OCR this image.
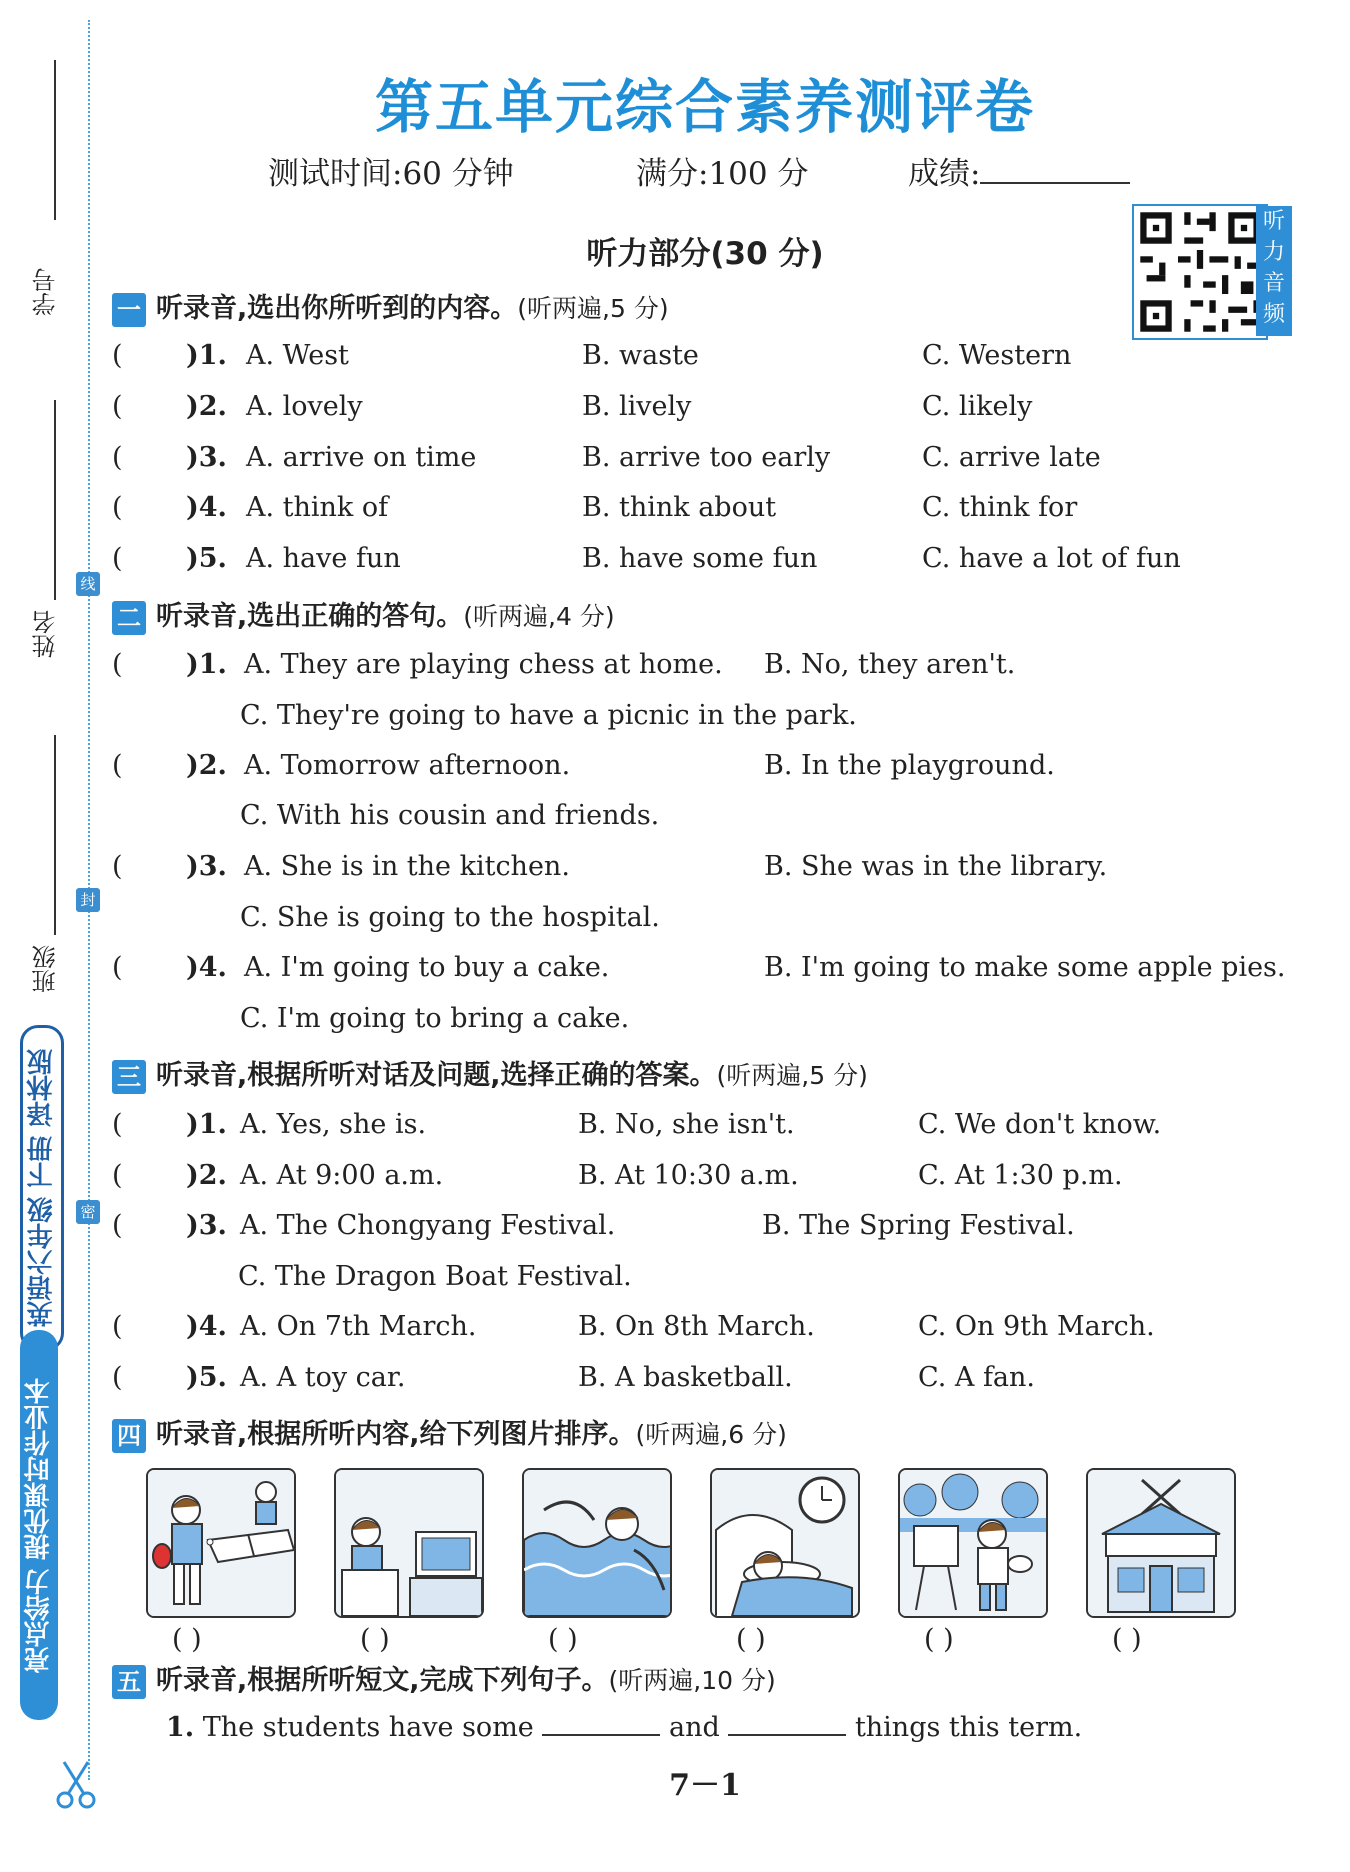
学号
姓名
班级
线
封
密
英语六年级 下册 译林版
亮点给力 提优课时作业本
第五单元综合素养测评卷
测试时间:60 分钟	满分:100 分	成绩:
听力部分(30 分)
听
力
音
频
一 听录音,选出你所听到的内容。(听两遍,5 分)
( )1. A. West	B. waste	C. Western
( )2. A. lovely	B. lively	C. likely
( )3. A. arrive on time	B. arrive too early	C. arrive late
( )4. A. think of	B. think about	C. think for
( )5. A. have fun	B. have some fun	C. have a lot of fun
二 听录音,选出正确的答句。(听两遍,4 分)
( )1. A. They are playing chess at home. B. No, they aren't.
C. They're going to have a picnic in the park.
( )2. A. Tomorrow afternoon.	B. In the playground.
C. With his cousin and friends.
( )3. A. She is in the kitchen.	B. She was in the library.
C. She is going to the hospital.
( )4. A. I'm going to buy a cake.	B. I'm going to make some apple pies.
C. I'm going to bring a cake.
三 听录音,根据所听对话及问题,选择正确的答案。(听两遍,5 分)
( )1. A. Yes, she is.	B. No, she isn't.	C. We don't know.
( )2. A. At 9:00 a.m.	B. At 10:30 a.m.	C. At 1:30 p.m.
( )3. A. The Chongyang Festival.	B. The Spring Festival.
C. The Dragon Boat Festival.
( )4. A. On 7th March.	B. On 8th March.	C. On 9th March.
( )5. A. A toy car.	B. A basketball.	C. A fan.
四 听录音,根据所听内容,给下列图片排序。(听两遍,6 分)
( )	( )	( )	( )	( )	( )
五 听录音,根据所听短文,完成下列句子。(听两遍,10 分)
1. The students have some	and	things this term.
7－1
